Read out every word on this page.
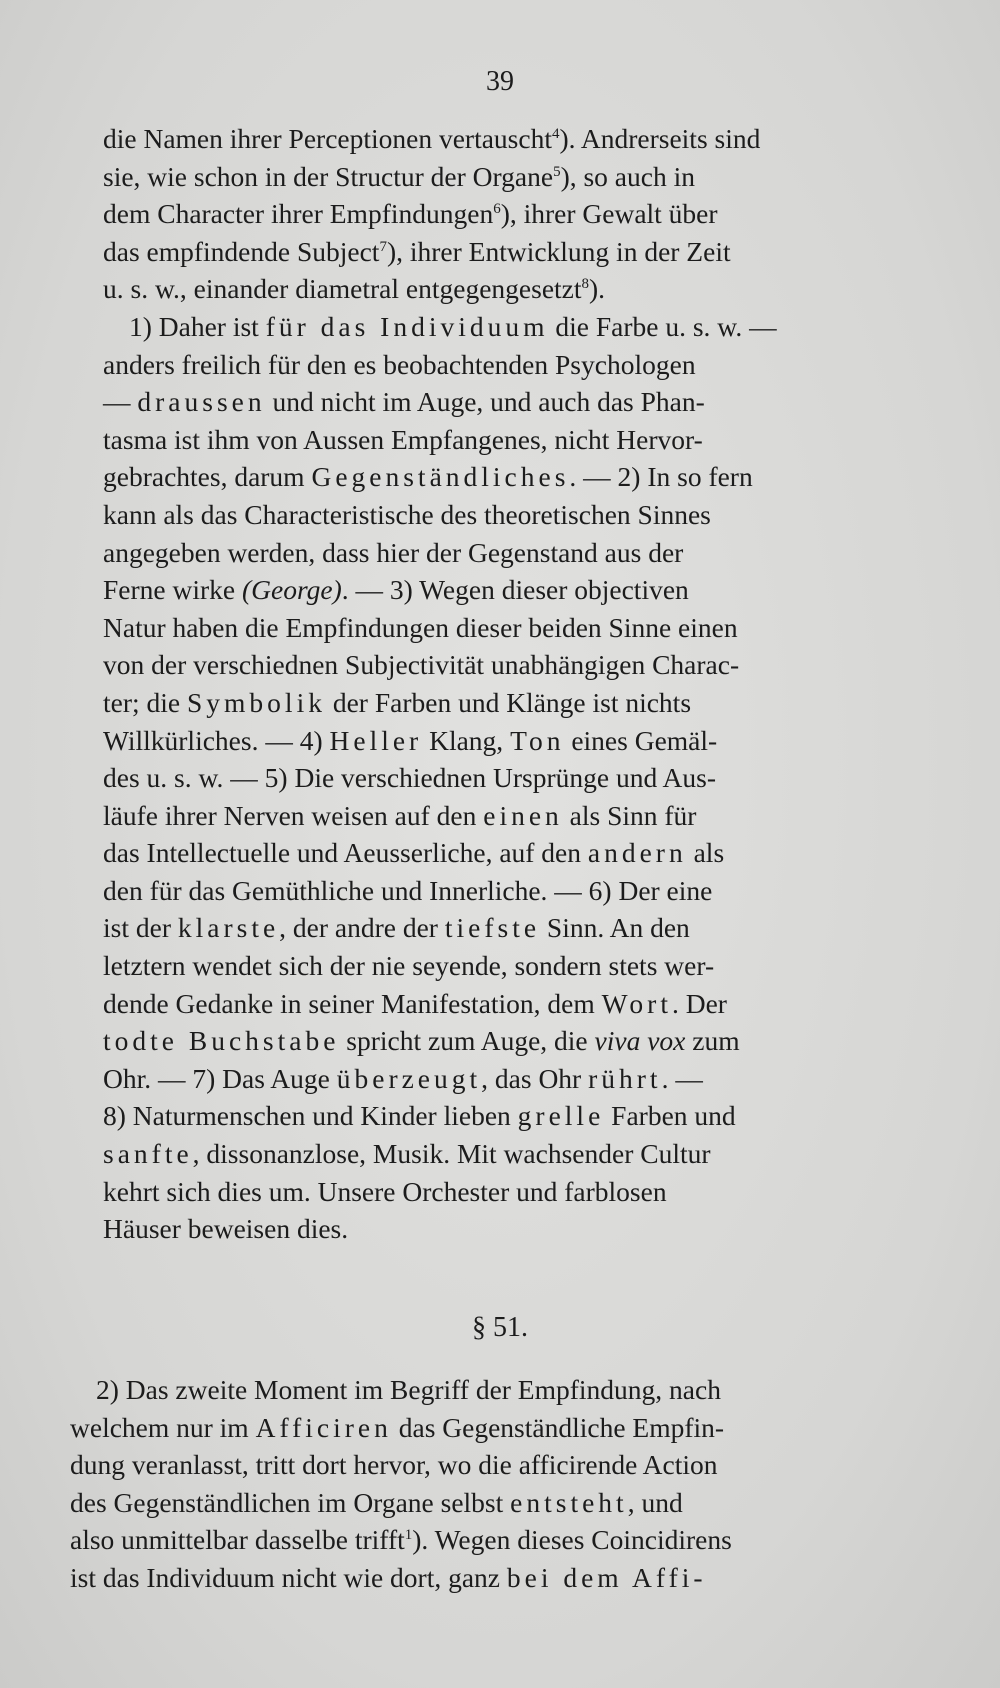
39
die Namen ihrer Perceptionen vertauscht$^4$). Andrerseits sind
sie, wie schon in der Structur der Organe$^5$), so auch in
dem Character ihrer Empfindungen$^6$), ihrer Gewalt über
das empfindende Subject$^7$), ihrer Entwicklung in der Zeit
u. s. w., einander diametral entgegengesetzt$^8$).
1) Daher ist für das Individuum die Farbe u. s. w. —
anders freilich für den es beobachtenden Psychologen
— draussen und nicht im Auge, und auch das Phan-
tasma ist ihm von Aussen Empfangenes, nicht Hervor-
gebrachtes, darum Gegenständliches. — 2) In so fern
kann als das Characteristische des theoretischen Sinnes
angegeben werden, dass hier der Gegenstand aus der
Ferne wirke (George). — 3) Wegen dieser objectiven
Natur haben die Empfindungen dieser beiden Sinne einen
von der verschiednen Subjectivität unabhängigen Charac-
ter; die Symbolik der Farben und Klänge ist nichts
Willkürliches. — 4) Heller Klang, Ton eines Gemäl-
des u. s. w. — 5) Die verschiednen Ursprünge und Aus-
läufe ihrer Nerven weisen auf den einen als Sinn für
das Intellectuelle und Aeusserliche, auf den andern als
den für das Gemüthliche und Innerliche. — 6) Der eine
ist der klarste, der andre der tiefste Sinn. An den
letztern wendet sich der nie seyende, sondern stets wer-
dende Gedanke in seiner Manifestation, dem Wort. Der
todte Buchstabe spricht zum Auge, die viva vox zum
Ohr. — 7) Das Auge überzeugt, das Ohr rührt. —
8) Naturmenschen und Kinder lieben grelle Farben und
sanfte, dissonanzlose, Musik. Mit wachsender Cultur
kehrt sich dies um. Unsere Orchester und farblosen
Häuser beweisen dies.
§ 51.
2) Das zweite Moment im Begriff der Empfindung, nach
welchem nur im Afficiren das Gegenständliche Empfin-
dung veranlasst, tritt dort hervor, wo die afficirende Action
des Gegenständlichen im Organe selbst entsteht, und
also unmittelbar dasselbe trifft$^1$). Wegen dieses Coincidirens
ist das Individuum nicht wie dort, ganz bei dem Affi-
